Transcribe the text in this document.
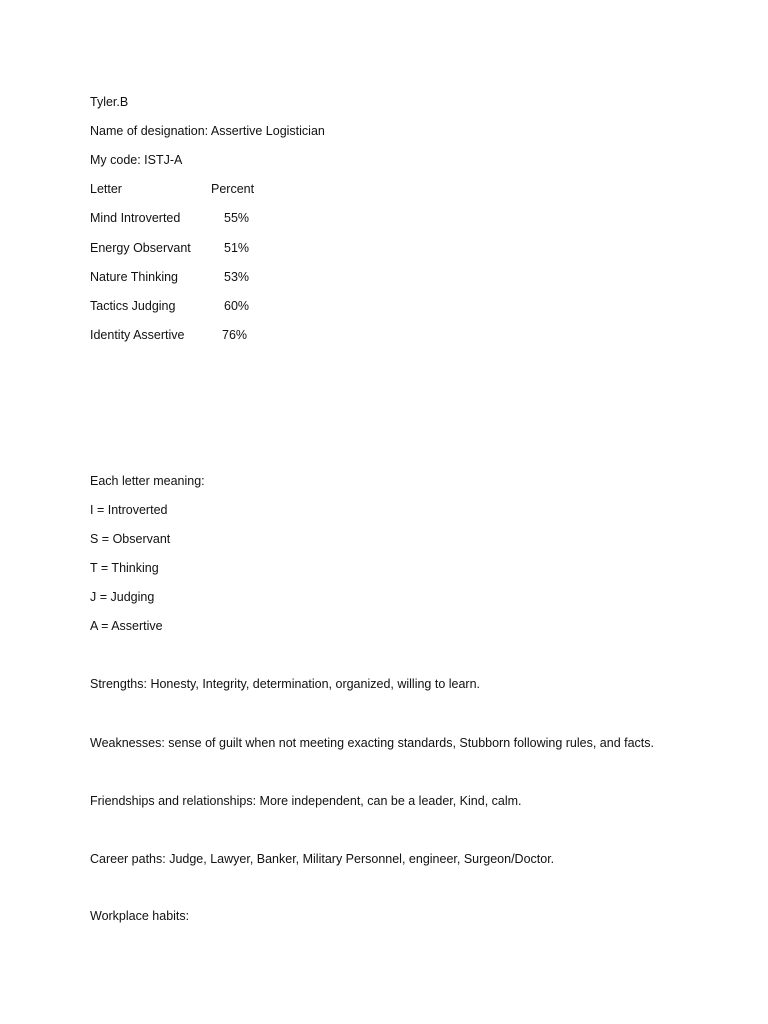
Tyler.B
Name of designation: Assertive Logistician
My code: ISTJ-A
Letter	Percent
Mind Introverted	55%
Energy Observant	51%
Nature Thinking	53%
Tactics Judging	60%
Identity Assertive	76%
Each letter meaning:
I = Introverted
S = Observant
T = Thinking
J = Judging
A = Assertive
Strengths: Honesty, Integrity, determination, organized, willing to learn.
Weaknesses: sense of guilt when not meeting exacting standards, Stubborn following rules, and facts.
Friendships and relationships: More independent, can be a leader, Kind, calm.
Career paths: Judge, Lawyer, Banker, Military Personnel, engineer, Surgeon/Doctor.
Workplace habits:
